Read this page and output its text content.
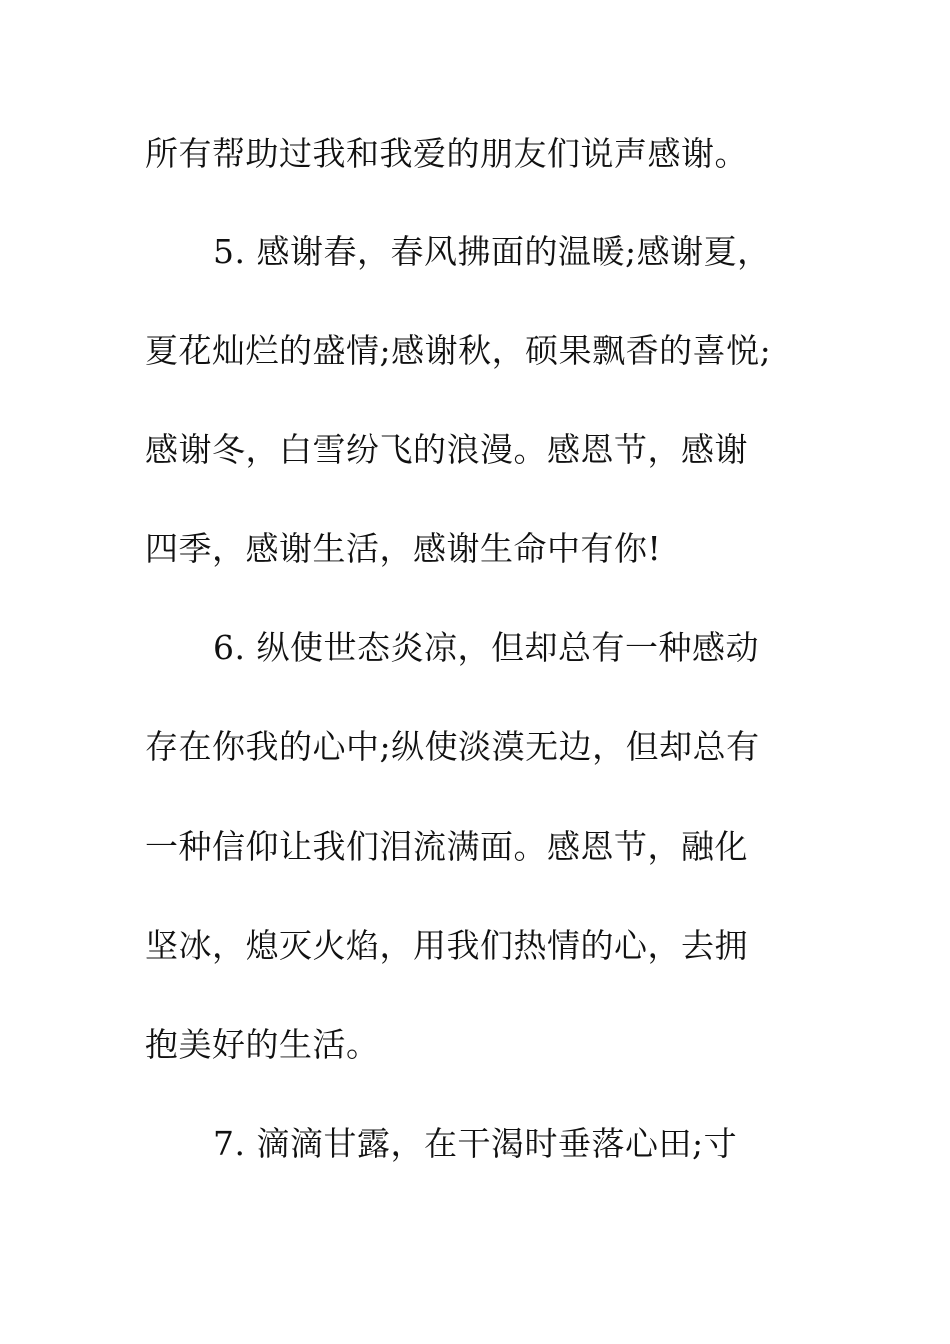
所有帮助过我和我爱的朋友们说声感谢。
5. 感谢春，春风拂面的温暖;感谢夏，
夏花灿烂的盛情;感谢秋，硕果飘香的喜悦;
感谢冬，白雪纷飞的浪漫。感恩节，感谢
四季，感谢生活，感谢生命中有你!
6. 纵使世态炎凉，但却总有一种感动
存在你我的心中;纵使淡漠无边，但却总有
一种信仰让我们泪流满面。感恩节，融化
坚冰，熄灭火焰，用我们热情的心，去拥
抱美好的生活。
7. 滴滴甘露，在干渴时垂落心田;寸
